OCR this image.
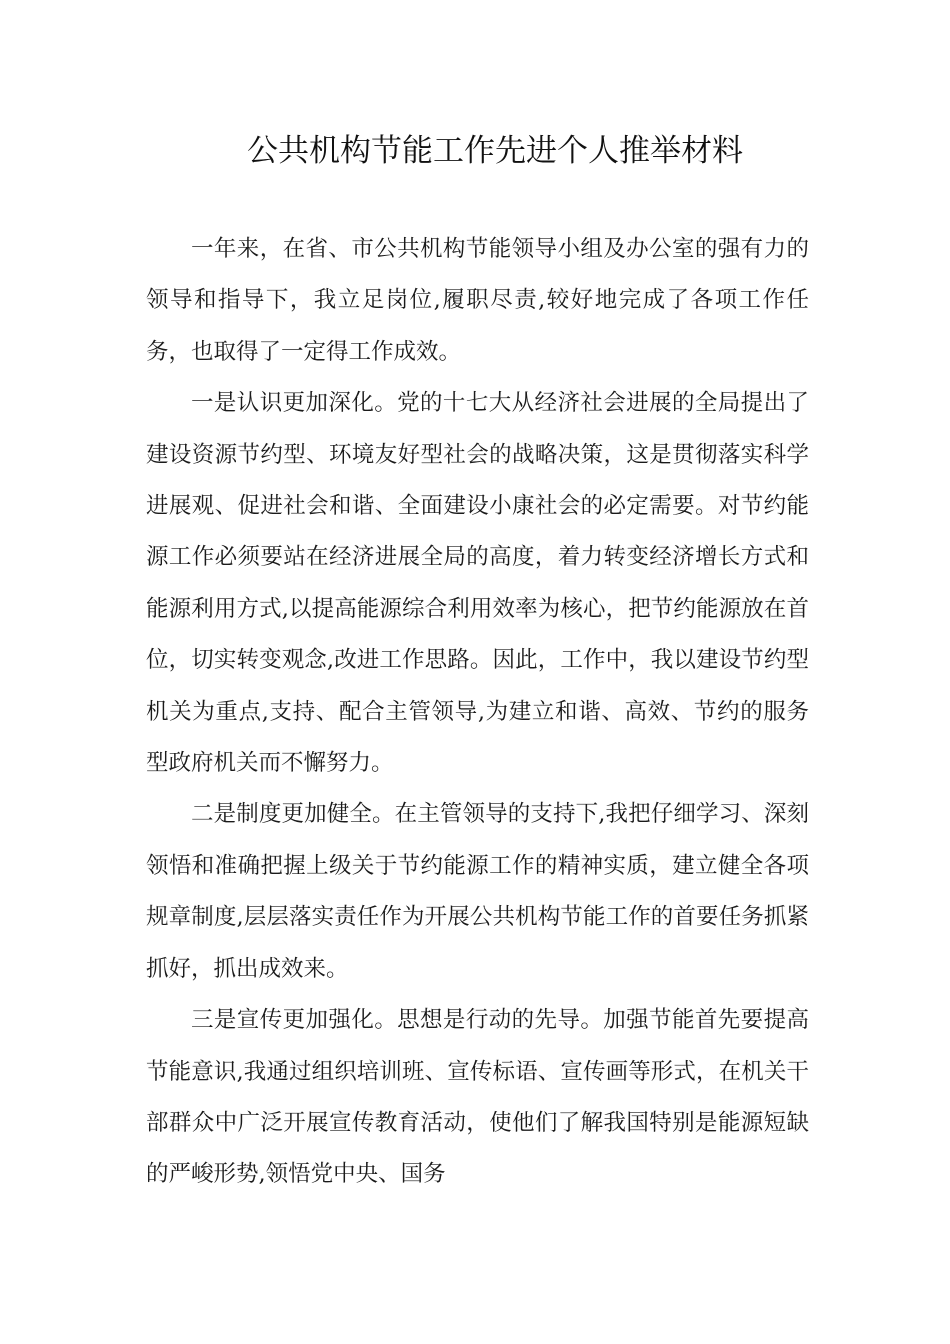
公共机构节能工作先进个人推举材料

一年来，在省、市公共机构节能领导小组及办公室的强有力的领导和指导下，我立足岗位,履职尽责,较好地完成了各项工作任务，也取得了一定得工作成效。

一是认识更加深化。党的十七大从经济社会进展的全局提出了建设资源节约型、环境友好型社会的战略决策，这是贯彻落实科学进展观、促进社会和谐、全面建设小康社会的必定需要。对节约能源工作必须要站在经济进展全局的高度，着力转变经济增长方式和能源利用方式,以提高能源综合利用效率为核心，把节约能源放在首位，切实转变观念,改进工作思路。因此，工作中，我以建设节约型机关为重点,支持、配合主管领导,为建立和谐、高效、节约的服务型政府机关而不懈努力。

二是制度更加健全。在主管领导的支持下,我把仔细学习、深刻领悟和准确把握上级关于节约能源工作的精神实质，建立健全各项规章制度,层层落实责任作为开展公共机构节能工作的首要任务抓紧抓好，抓出成效来。

三是宣传更加强化。思想是行动的先导。加强节能首先要提高节能意识,我通过组织培训班、宣传标语、宣传画等形式，在机关干部群众中广泛开展宣传教育活动，使他们了解我国特别是能源短缺的严峻形势,领悟党中央、国务
